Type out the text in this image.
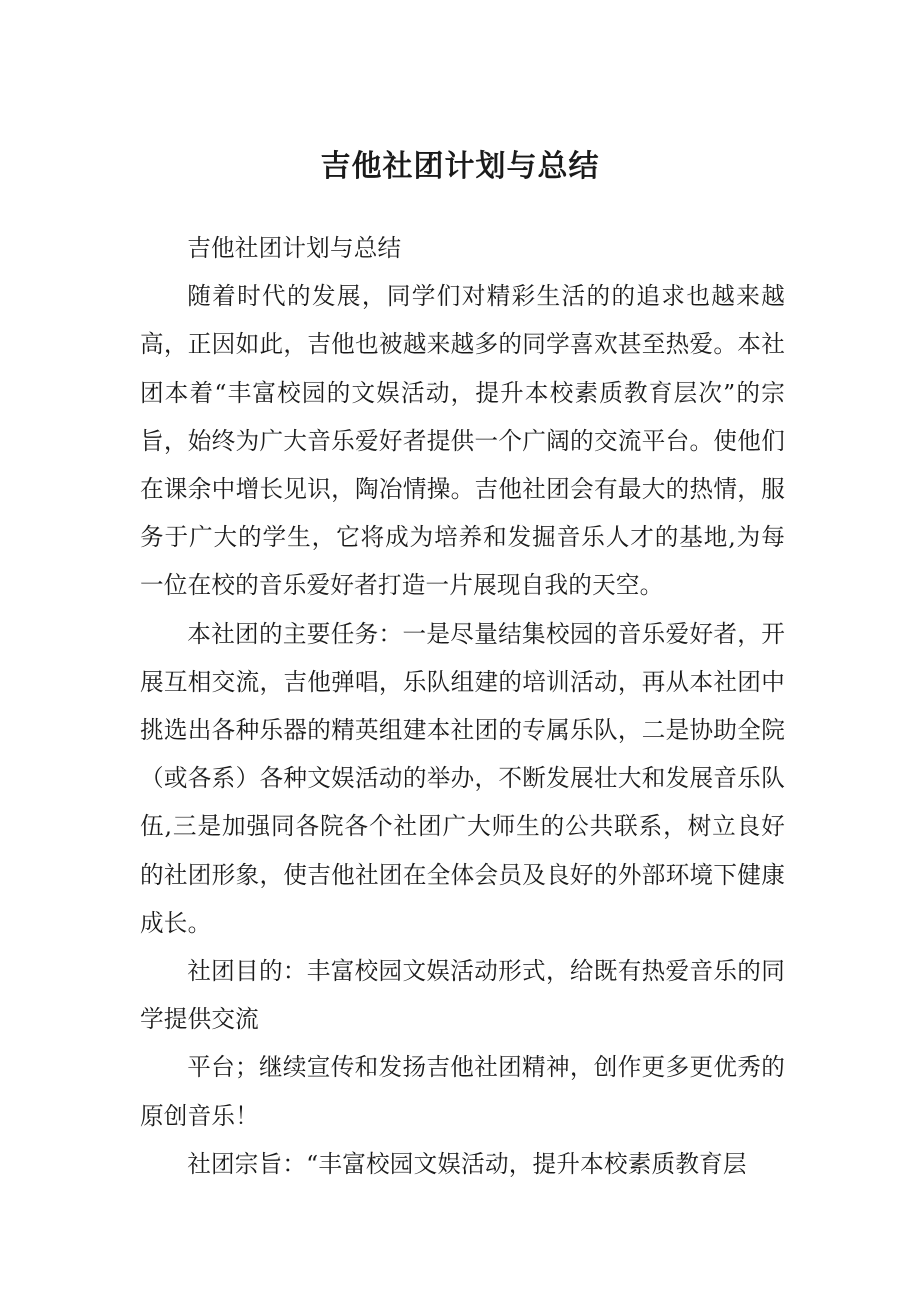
吉他社团计划与总结

吉他社团计划与总结

随着时代的发展，同学们对精彩生活的的追求也越来越高，正因如此，吉他也被越来越多的同学喜欢甚至热爱。本社团本着“丰富校园的文娱活动，提升本校素质教育层次”的宗旨，始终为广大音乐爱好者提供一个广阔的交流平台。使他们在课余中增长见识，陶冶情操。吉他社团会有最大的热情，服务于广大的学生，它将成为培养和发掘音乐人才的基地,为每一位在校的音乐爱好者打造一片展现自我的天空。

本社团的主要任务：一是尽量结集校园的音乐爱好者，开展互相交流，吉他弹唱，乐队组建的培训活动，再从本社团中挑选出各种乐器的精英组建本社团的专属乐队，二是协助全院（或各系）各种文娱活动的举办，不断发展壮大和发展音乐队伍,三是加强同各院各个社团广大师生的公共联系，树立良好的社团形象，使吉他社团在全体会员及良好的外部环境下健康成长。

社团目的：丰富校园文娱活动形式，给既有热爱音乐的同学提供交流

平台；继续宣传和发扬吉他社团精神，创作更多更优秀的原创音乐！

社团宗旨：“丰富校园文娱活动，提升本校素质教育层
